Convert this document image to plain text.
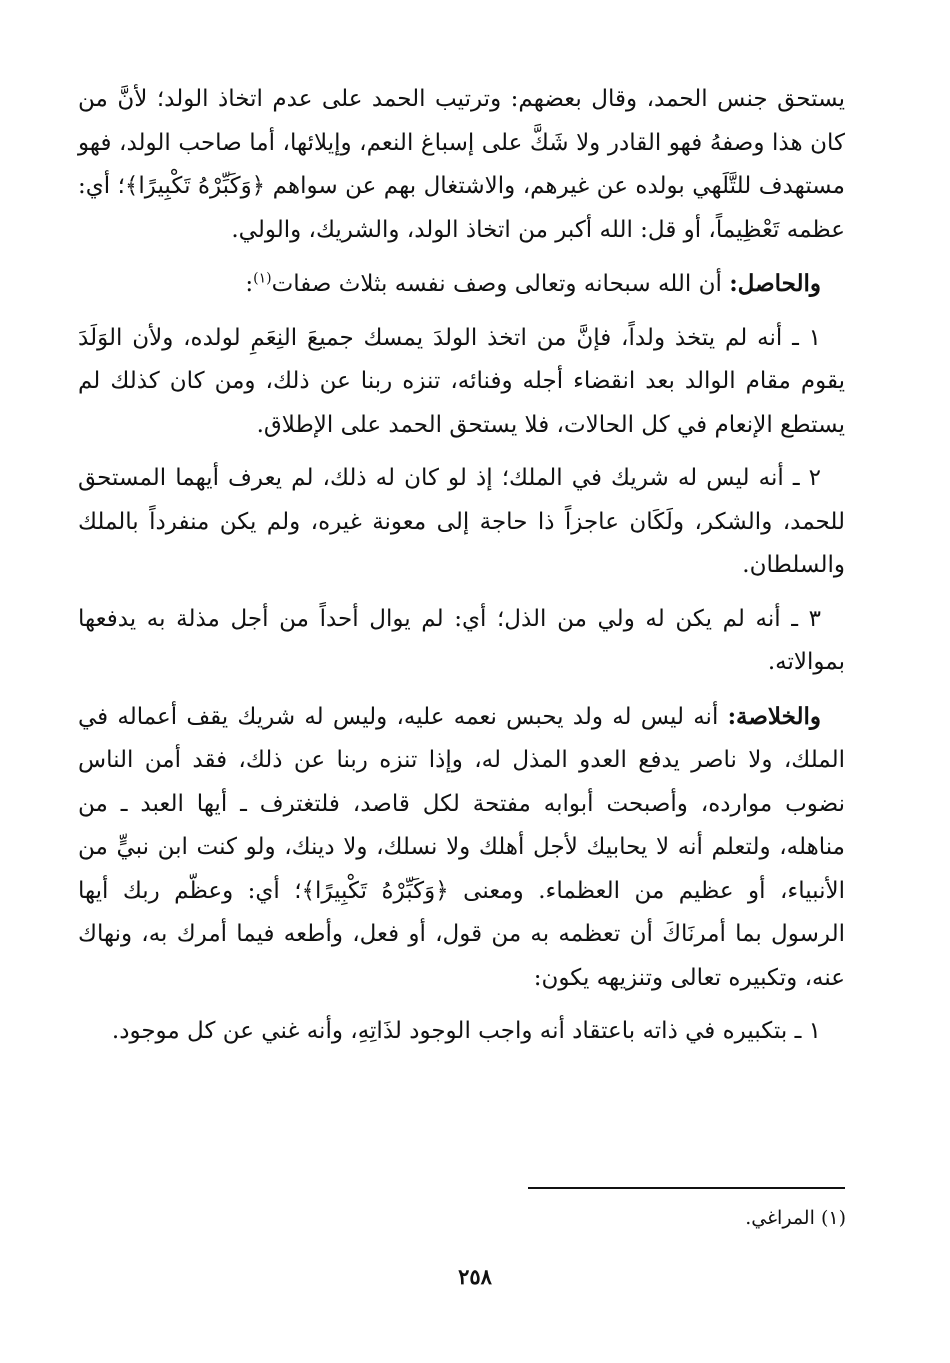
يستحق جنس الحمد، وقال بعضهم: وترتيب الحمد على عدم اتخاذ الولد؛ لأنَّ من كان هذا وصفهُ فهو القادر ولا شَكَّ على إسباغ النعم، وإيلائها، أما صاحب الولد، فهو مستهدف للتَّلَهي بولده عن غيرهم، والاشتغال بهم عن سواهم ﴿وَكَبِّرْهُ تَكْبِيرًا﴾؛ أي: عظمه تَعْظِيماً، أو قل: الله أكبر من اتخاذ الولد، والشريك، والولي.

والحاصل: أن الله سبحانه وتعالى وصف نفسه بثلاث صفات$^{(١)}$:

١ ـ أنه لم يتخذ ولداً، فإنَّ من اتخذ الولدَ يمسك جميعَ النِعَمِ لولده، ولأن الوَلَدَ يقوم مقام الوالد بعد انقضاء أجله وفنائه، تنزه ربنا عن ذلك، ومن كان كذلك لم يستطع الإنعام في كل الحالات، فلا يستحق الحمد على الإطلاق.

٢ ـ أنه ليس له شريك في الملك؛ إذ لو كان له ذلك، لم يعرف أيهما المستحق للحمد، والشكر، ولَكَان عاجزاً ذا حاجة إلى معونة غيره، ولم يكن منفرداً بالملك والسلطان.

٣ ـ أنه لم يكن له ولي من الذل؛ أي: لم يوال أحداً من أجل مذلة به يدفعها بموالاته.

والخلاصة: أنه ليس له ولد يحبس نعمه عليه، وليس له شريك يقف أعماله في الملك، ولا ناصر يدفع العدو المذل له، وإذا تنزه ربنا عن ذلك، فقد أمن الناس نضوب موارده، وأصبحت أبوابه مفتحة لكل قاصد، فلتغترف ـ أيها العبد ـ من مناهله، ولتعلم أنه لا يحابيك لأجل أهلك ولا نسلك، ولا دينك، ولو كنت ابن نبيٍّ من الأنبياء، أو عظيم من العظماء. ومعنى ﴿وَكَبِّرْهُ تَكْبِيرًا﴾؛ أي: وعظّم ربك أيها الرسول بما أمرنَاكَ أن تعظمه به من قول، أو فعل، وأطعه فيما أمرك به، ونهاك عنه، وتكبيره تعالى وتنزيهه يكون:

١ ـ بتكبيره في ذاته باعتقاد أنه واجب الوجود لذَاتِهِ، وأنه غني عن كل موجود.

(١) المراغي.
٢٥٨
